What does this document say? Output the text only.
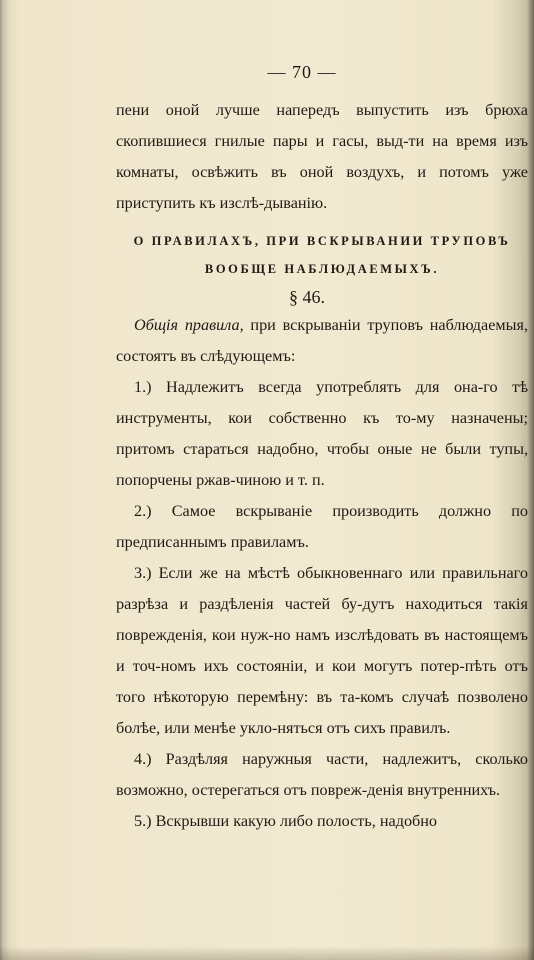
— 70 —

пени оной лучше напередъ выпустить изъ брюха скопившиеся гнилые пары и гасы, выд-ти на время изъ комнаты, освѣжить въ оной воздухъ, и потомъ уже приступить къ изслѣ-дыванію.

О ПРАВИЛАХЪ, ПРИ ВСКРЫВАНИИ ТРУПОВЪ

ВООБЩЕ НАБЛЮДАЕМЫХЪ.

§ 46.

Общія правила, при вскрываніи труповъ наблюдаемыя, состоятъ въ слѣдующемъ:

1.) Надлежитъ всегда употреблять для она-го тѣ инструменты, кои собственно къ то-му назначены; притомъ стараться надобно, чтобы оные не были тупы, попорчены ржав-чиною и т. п.

2.) Самое вскрываніе производить должно по предписаннымъ правиламъ.

3.) Если же на мѣстѣ обыкновеннаго или правильнаго разрѣза и раздѣленія частей бу-дутъ находиться такія поврежденія, кои нуж-но намъ изслѣдовать въ настоящемъ и точ-номъ ихъ состояніи, и кои могутъ потер-пѣть отъ того нѣкоторую перемѣну: въ та-комъ случаѣ позволено болѣе, или менѣе укло-няться отъ сихъ правилъ.

4.) Раздѣляя наружныя части, надлежитъ, сколько возможно, остерегаться отъ повреж-денія внутреннихъ.

5.) Вскрывши какую либо полость, надобно
